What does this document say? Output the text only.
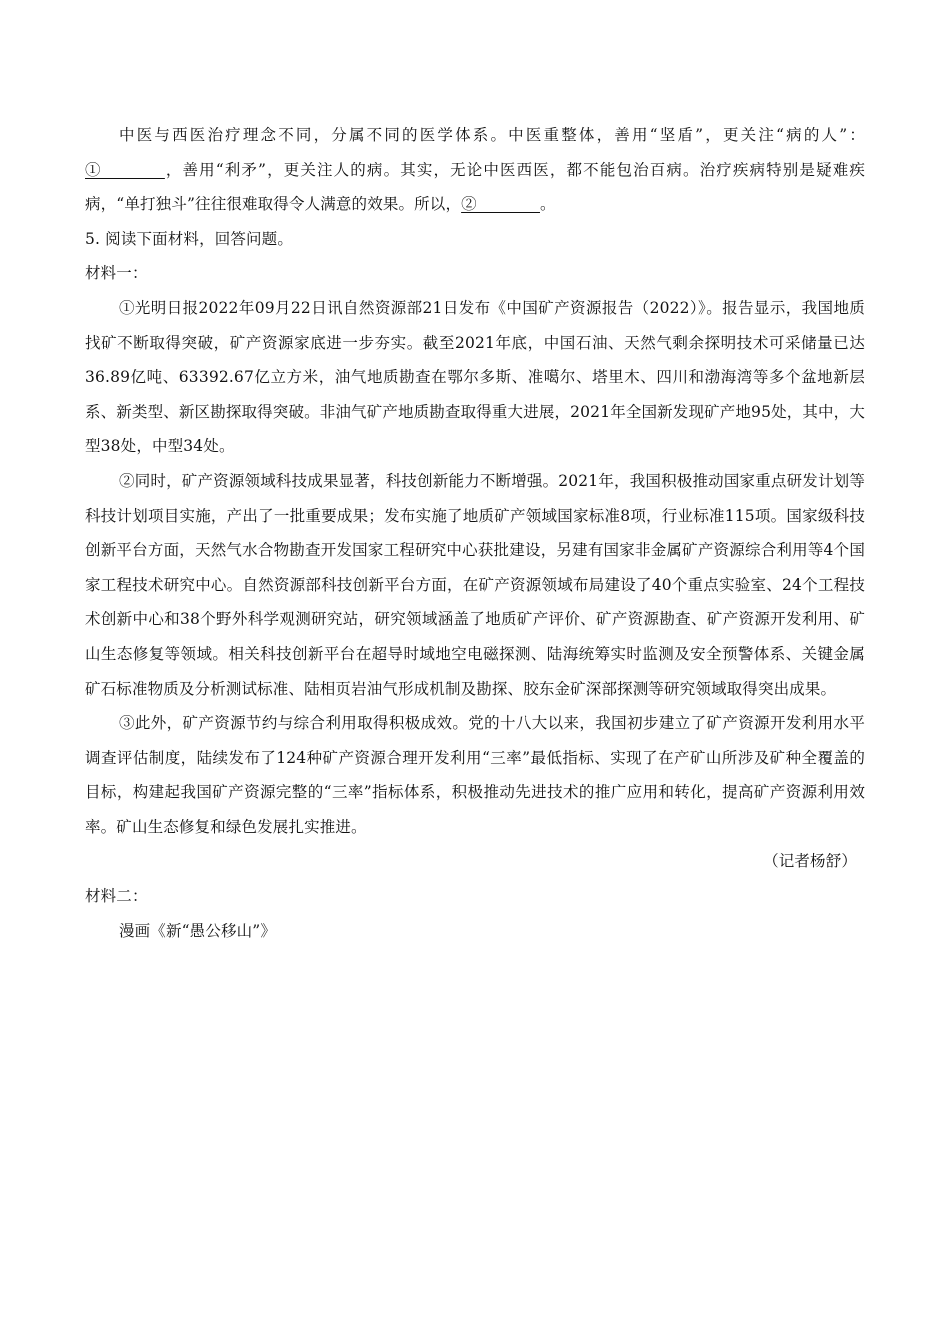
中医与西医治疗理念不同，分属不同的医学体系。中医重整体，善用“坚盾”，更关注“病的人”：①________，善用“利矛”，更关注人的病。其实，无论中医西医，都不能包治百病。治疗疾病特别是疑难疾病，“单打独斗”往往很难取得令人满意的效果。所以，②________。

5. 阅读下面材料，回答问题。

材料一：

①光明日报2022年09月22日讯自然资源部21日发布《中国矿产资源报告（2022）》。报告显示，我国地质找矿不断取得突破，矿产资源家底进一步夯实。截至2021年底，中国石油、天然气剩余探明技术可采储量已达36.89亿吨、63392.67亿立方米，油气地质勘查在鄂尔多斯、准噶尔、塔里木、四川和渤海湾等多个盆地新层系、新类型、新区勘探取得突破。非油气矿产地质勘查取得重大进展，2021年全国新发现矿产地95处，其中，大型38处，中型34处。

②同时，矿产资源领域科技成果显著，科技创新能力不断增强。2021年，我国积极推动国家重点研发计划等科技计划项目实施，产出了一批重要成果；发布实施了地质矿产领域国家标准8项，行业标准115项。国家级科技创新平台方面，天然气水合物勘查开发国家工程研究中心获批建设，另建有国家非金属矿产资源综合利用等4个国家工程技术研究中心。自然资源部科技创新平台方面，在矿产资源领域布局建设了40个重点实验室、24个工程技术创新中心和38个野外科学观测研究站，研究领域涵盖了地质矿产评价、矿产资源勘查、矿产资源开发利用、矿山生态修复等领域。相关科技创新平台在超导时域地空电磁探测、陆海统筹实时监测及安全预警体系、关键金属矿石标准物质及分析测试标准、陆相页岩油气形成机制及勘探、胶东金矿深部探测等研究领域取得突出成果。

③此外，矿产资源节约与综合利用取得积极成效。党的十八大以来，我国初步建立了矿产资源开发利用水平调查评估制度，陆续发布了124种矿产资源合理开发利用“三率”最低指标、实现了在产矿山所涉及矿种全覆盖的目标，构建起我国矿产资源完整的“三率”指标体系，积极推动先进技术的推广应用和转化，提高矿产资源利用效率。矿山生态修复和绿色发展扎实推进。

（记者杨舒）

材料二：

漫画《新“愚公移山”》
